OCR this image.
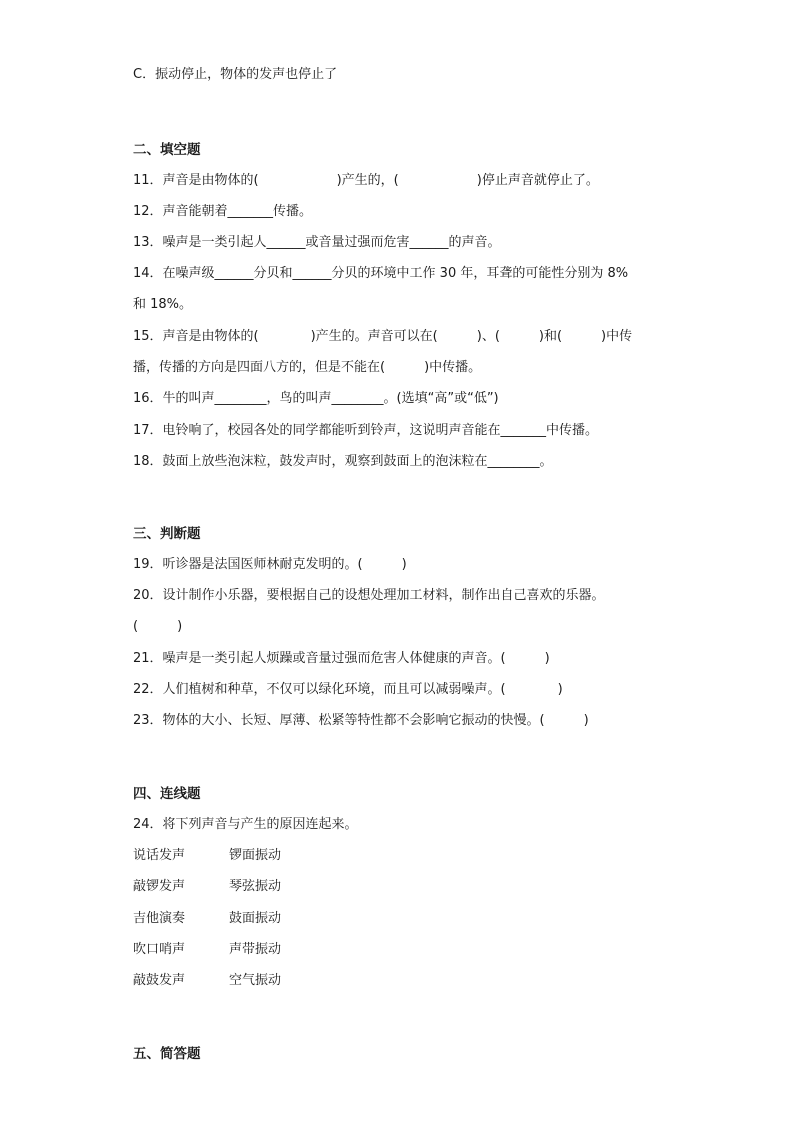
C．振动停止，物体的发声也停止了
二、填空题
11．声音是由物体的(　　　　　　)产生的，(　　　　　　)停止声音就停止了。
12．声音能朝着_______传播。
13．噪声是一类引起人______或音量过强而危害______的声音。
14．在噪声级______分贝和______分贝的环境中工作 30 年，耳聋的可能性分别为 8%
和 18%。
15．声音是由物体的(　　　　)产生的。声音可以在(　　　)、(　　　)和(　　　)中传
播，传播的方向是四面八方的，但是不能在(　　　)中传播。
16．牛的叫声________，鸟的叫声________。(选填“高”或“低”)
17．电铃响了，校园各处的同学都能听到铃声，这说明声音能在_______中传播。
18．鼓面上放些泡沫粒，鼓发声时，观察到鼓面上的泡沫粒在________。
三、判断题
19．听诊器是法国医师林耐克发明的。(　　　)
20．设计制作小乐器，要根据自己的设想处理加工材料，制作出自己喜欢的乐器。
(　　　)
21．噪声是一类引起人烦躁或音量过强而危害人体健康的声音。(　　　)
22．人们植树和种草，不仅可以绿化环境，而且可以减弱噪声。(　　　　)
23．物体的大小、长短、厚薄、松紧等特性都不会影响它振动的快慢。(　　　)
四、连线题
24．将下列声音与产生的原因连起来。
说话发声	锣面振动
敲锣发声	琴弦振动
吉他演奏	鼓面振动
吹口哨声	声带振动
敲鼓发声	空气振动
五、简答题
